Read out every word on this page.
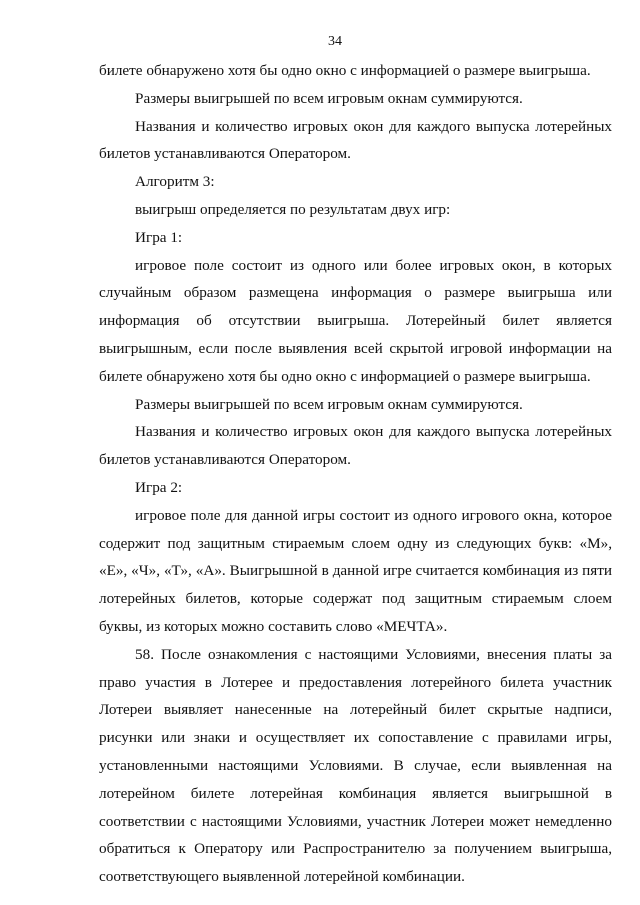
34

билете обнаружено хотя бы одно окно с информацией о размере выигрыша.

Размеры выигрышей по всем игровым окнам суммируются.

Названия и количество игровых окон для каждого выпуска лотерейных билетов устанавливаются Оператором.

Алгоритм 3:

выигрыш определяется по результатам двух игр:

Игра 1:

игровое поле состоит из одного или более игровых окон, в которых случайным образом размещена информация о размере выигрыша или информация об отсутствии выигрыша. Лотерейный билет является выигрышным, если после выявления всей скрытой игровой информации на билете обнаружено хотя бы одно окно с информацией о размере выигрыша.

Размеры выигрышей по всем игровым окнам суммируются.

Названия и количество игровых окон для каждого выпуска лотерейных билетов устанавливаются Оператором.

Игра 2:

игровое поле для данной игры состоит из одного игрового окна, которое содержит под защитным стираемым слоем одну из следующих букв: «М», «Е», «Ч», «Т», «А». Выигрышной в данной игре считается комбинация из пяти лотерейных билетов, которые содержат под защитным стираемым слоем буквы, из которых можно составить слово «МЕЧТА».

58. После ознакомления с настоящими Условиями, внесения платы за право участия в Лотерее и предоставления лотерейного билета участник Лотереи выявляет нанесенные на лотерейный билет скрытые надписи, рисунки или знаки и осуществляет их сопоставление с правилами игры, установленными настоящими Условиями. В случае, если выявленная на лотерейном билете лотерейная комбинация является выигрышной в соответствии с настоящими Условиями, участник Лотереи может немедленно обратиться к Оператору или Распространителю за получением выигрыша, соответствующего выявленной лотерейной комбинации.
